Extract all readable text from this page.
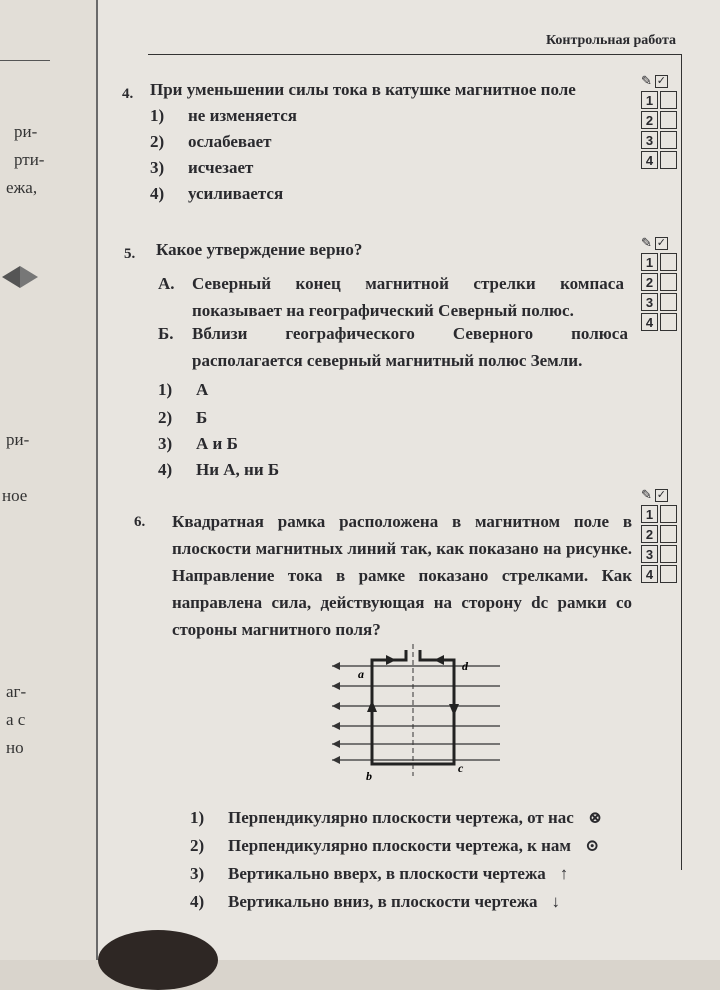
ри-
рти-
ежа,
ри-
ное
аг-
а с
но
Контрольная работа
4. При уменьшении силы тока в катушке магнитное поле
1)	не изменяется
2)	ослабевает
3)	исчезает
4)	усиливается
✎ ✓
1
2
3
4
5. Какое утверждение верно?
А. Северный конец магнитной стрелки компаса показывает на географический Северный полюс.
Б. Вблизи географического Северного полюса располагается северный магнитный полюс Земли.
1)	А
2)	Б
3)	А и Б
4)	Ни А, ни Б
✎ ✓
1
2
3
4
6. Квадратная рамка расположена в магнитном поле в плоскости магнитных линий так, как показано на рисунке. Направление тока в рамке показано стрелками. Как направлена сила, действующая на сторону dc рамки со стороны магнитного поля?
✎ ✓
1
2
3
4
a
d
b
c
1)	Перпендикулярно плоскости чертежа, от нас ⊗
2)	Перпендикулярно плоскости чертежа, к нам ⊙
3)	Вертикально вверх, в плоскости чертежа ↑
4)	Вертикально вниз, в плоскости чертежа ↓
